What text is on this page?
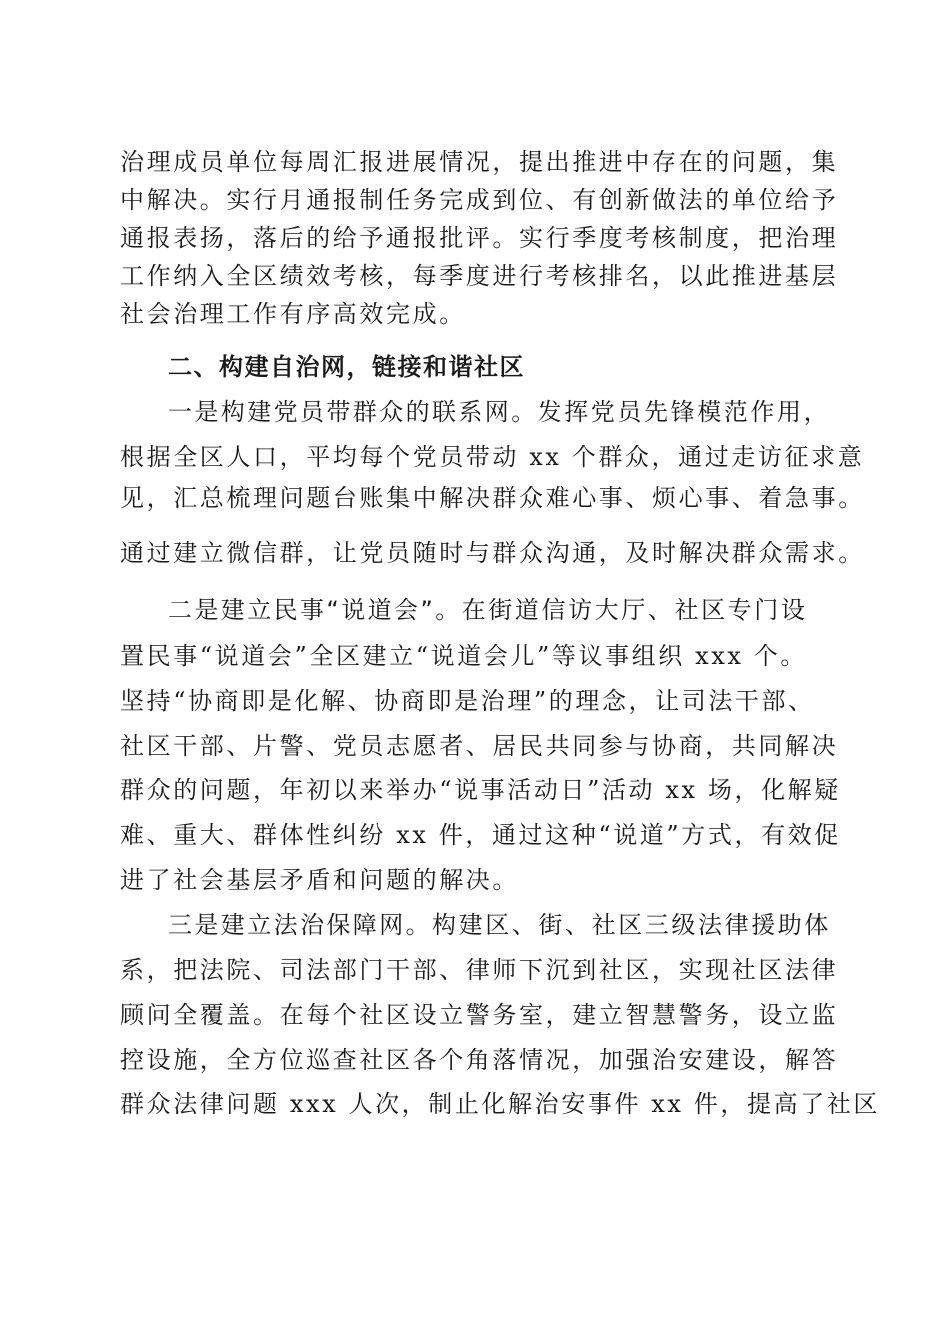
治理成员单位每周汇报进展情况，提出推进中存在的问题，集
中解决。实行月通报制任务完成到位、有创新做法的单位给予
通报表扬，落后的给予通报批评。实行季度考核制度，把治理
工作纳入全区绩效考核，每季度进行考核排名，以此推进基层
社会治理工作有序高效完成。
二、构建自治网，链接和谐社区
一是构建党员带群众的联系网。发挥党员先锋模范作用，
根据全区人口，平均每个党员带动 xx 个群众，通过走访征求意
见，汇总梳理问题台账集中解决群众难心事、烦心事、着急事。
通过建立微信群，让党员随时与群众沟通，及时解决群众需求。
二是建立民事“说道会”。在街道信访大厅、社区专门设
置民事“说道会”全区建立“说道会儿”等议事组织 xxx 个。
坚持“协商即是化解、协商即是治理”的理念，让司法干部、
社区干部、片警、党员志愿者、居民共同参与协商，共同解决
群众的问题，年初以来举办“说事活动日”活动 xx 场，化解疑
难、重大、群体性纠纷 xx 件，通过这种“说道”方式，有效促
进了社会基层矛盾和问题的解决。
三是建立法治保障网。构建区、街、社区三级法律援助体
系，把法院、司法部门干部、律师下沉到社区，实现社区法律
顾问全覆盖。在每个社区设立警务室，建立智慧警务，设立监
控设施，全方位巡查社区各个角落情况，加强治安建设，解答
群众法律问题 xxx 人次，制止化解治安事件 xx 件，提高了社区
